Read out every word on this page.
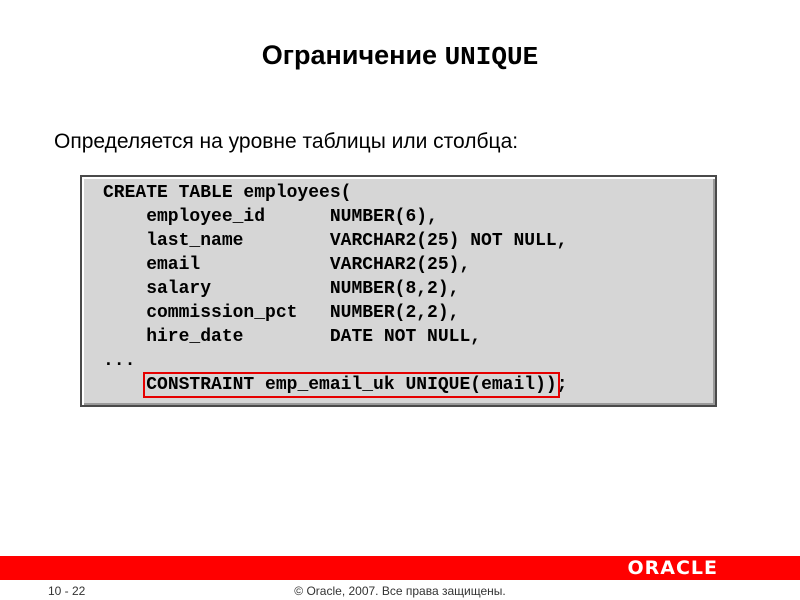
Ограничение UNIQUE
Определяется на уровне таблицы или столбца:
CREATE TABLE employees(
employee_id      NUMBER(6),
last_name        VARCHAR2(25) NOT NULL,
email            VARCHAR2(25),
salary           NUMBER(8,2),
commission_pct   NUMBER(2,2),
hire_date        DATE NOT NULL,
...
CONSTRAINT emp_email_uk UNIQUE(email));
ORACLE
10 - 22	© Oracle, 2007. Все права защищены.
